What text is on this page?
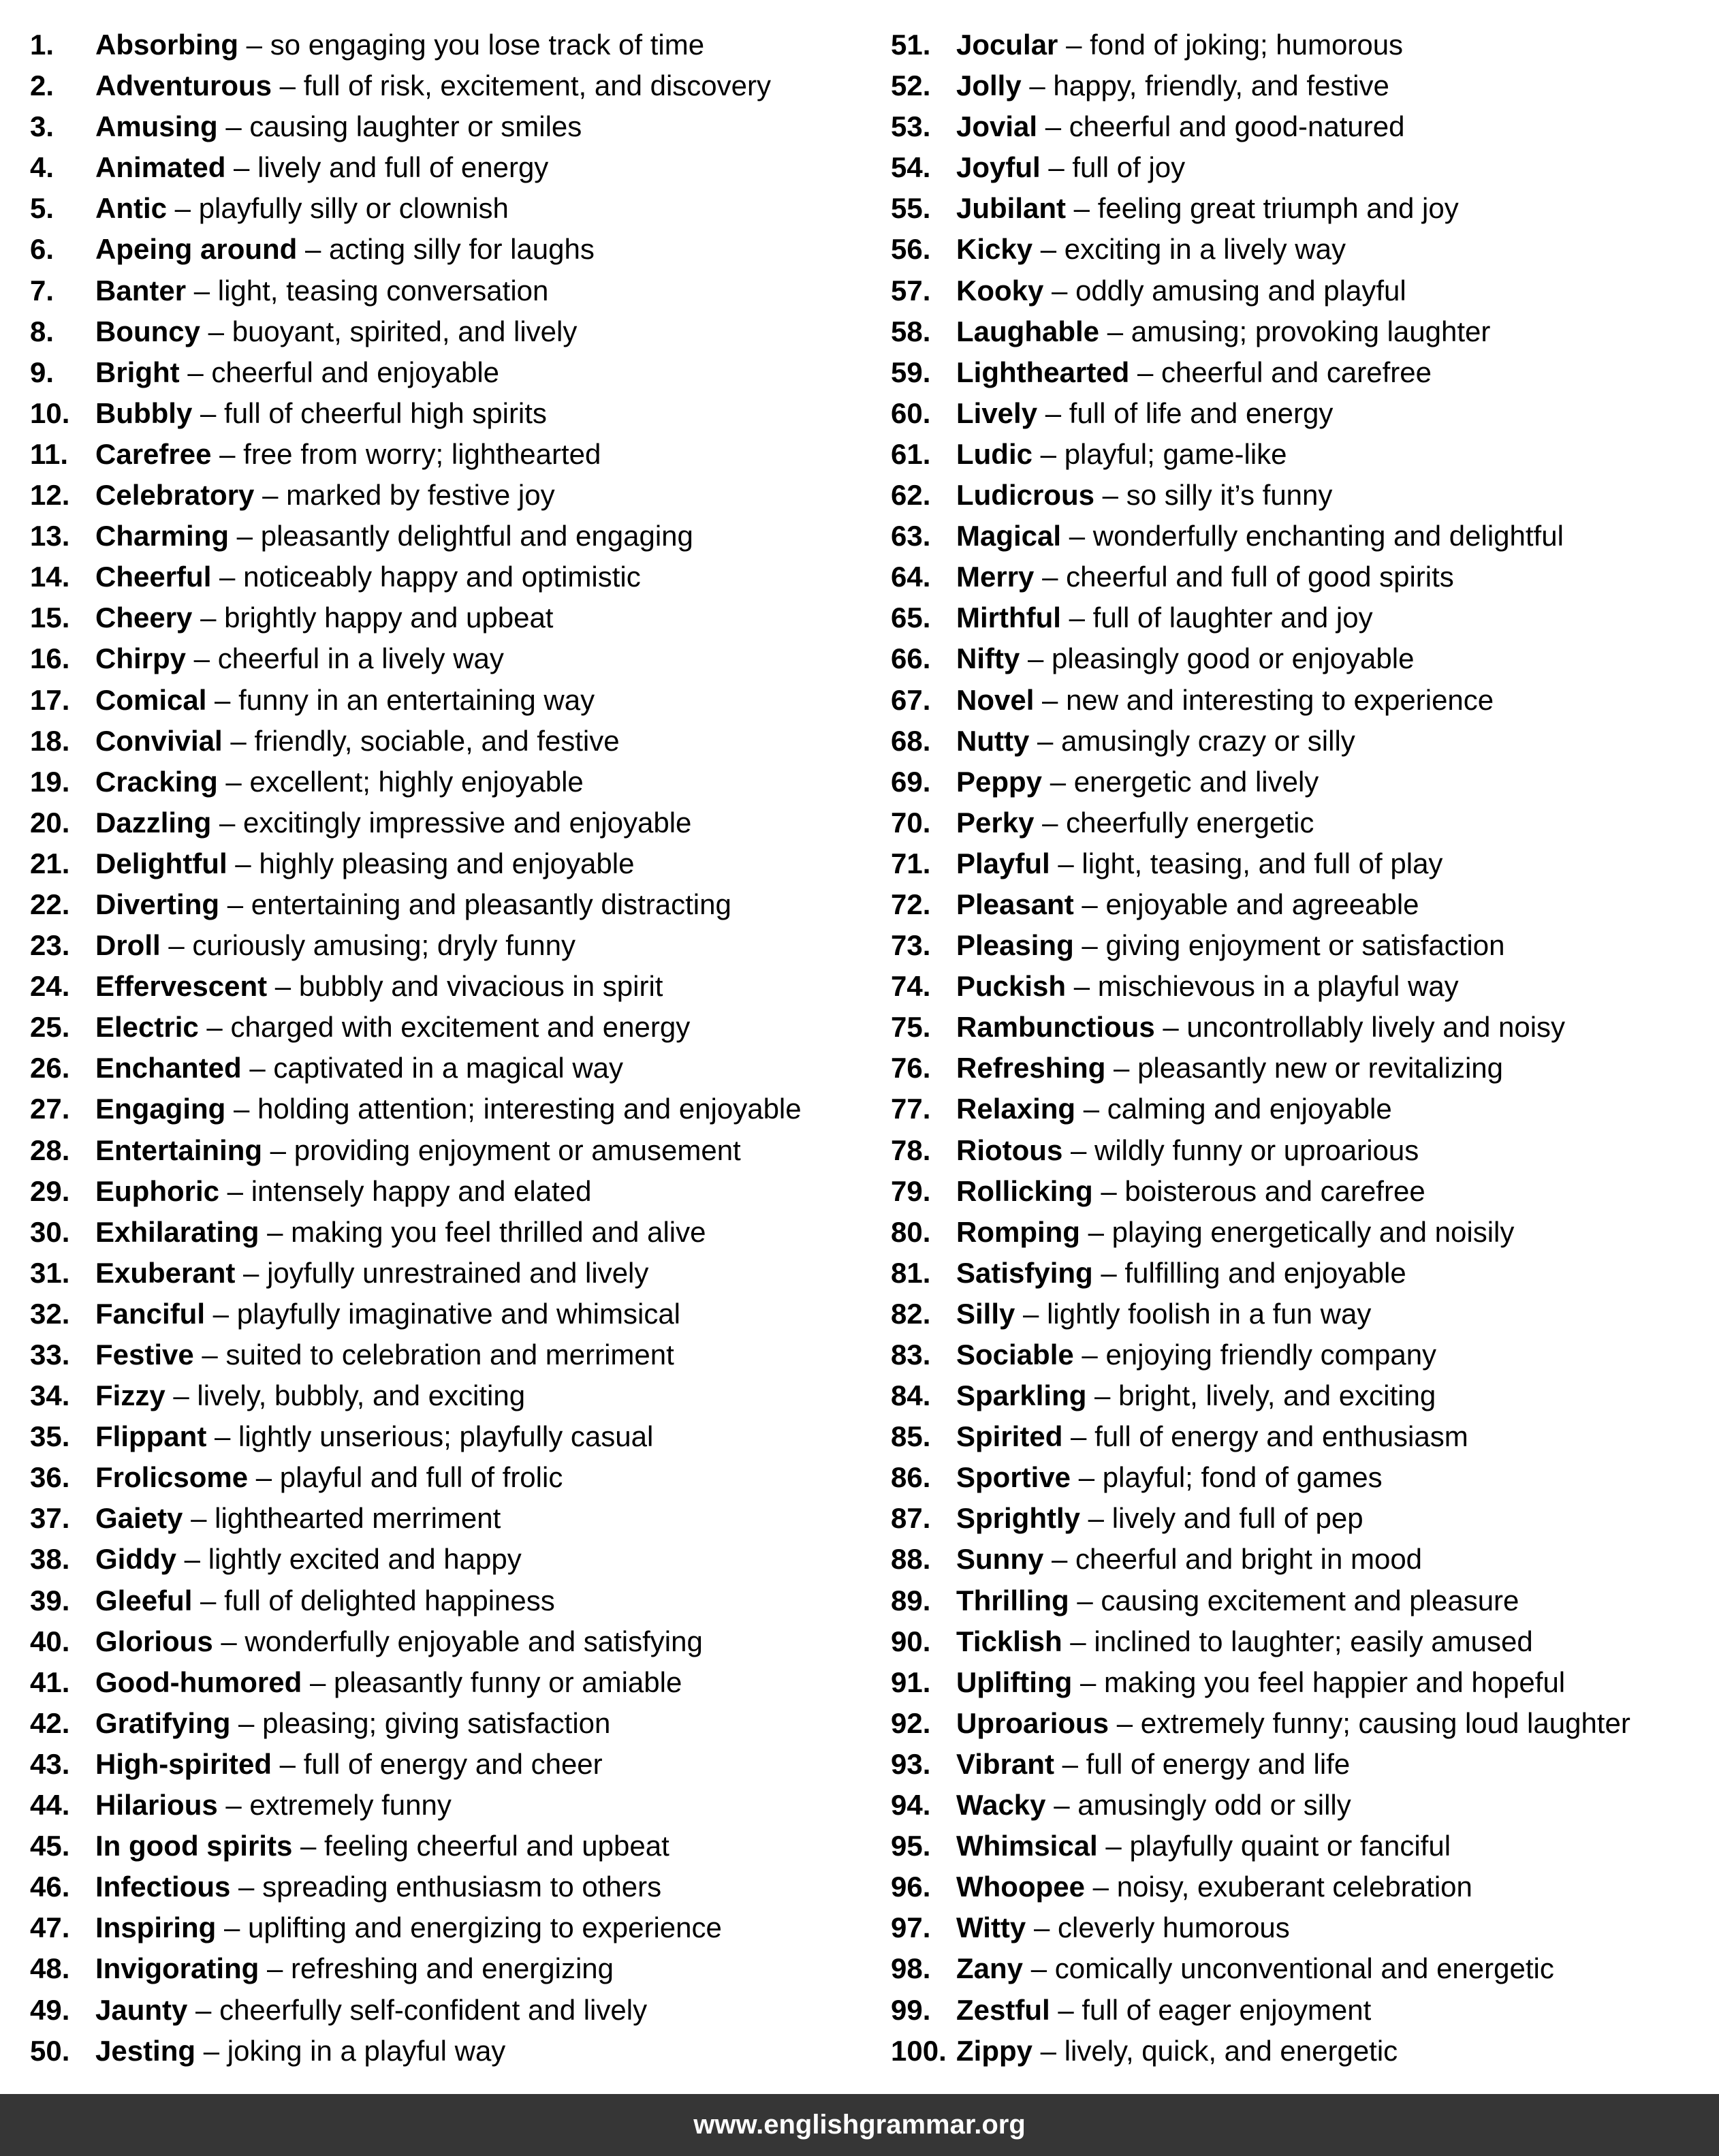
1. Absorbing – so engaging you lose track of time
2. Adventurous – full of risk, excitement, and discovery
3. Amusing – causing laughter or smiles
4. Animated – lively and full of energy
5. Antic – playfully silly or clownish
6. Apeing around – acting silly for laughs
7. Banter – light, teasing conversation
8. Bouncy – buoyant, spirited, and lively
9. Bright – cheerful and enjoyable
10. Bubbly – full of cheerful high spirits
11. Carefree – free from worry; lighthearted
12. Celebratory – marked by festive joy
13. Charming – pleasantly delightful and engaging
14. Cheerful – noticeably happy and optimistic
15. Cheery – brightly happy and upbeat
16. Chirpy – cheerful in a lively way
17. Comical – funny in an entertaining way
18. Convivial – friendly, sociable, and festive
19. Cracking – excellent; highly enjoyable
20. Dazzling – excitingly impressive and enjoyable
21. Delightful – highly pleasing and enjoyable
22. Diverting – entertaining and pleasantly distracting
23. Droll – curiously amusing; dryly funny
24. Effervescent – bubbly and vivacious in spirit
25. Electric – charged with excitement and energy
26. Enchanted – captivated in a magical way
27. Engaging – holding attention; interesting and enjoyable
28. Entertaining – providing enjoyment or amusement
29. Euphoric – intensely happy and elated
30. Exhilarating – making you feel thrilled and alive
31. Exuberant – joyfully unrestrained and lively
32. Fanciful – playfully imaginative and whimsical
33. Festive – suited to celebration and merriment
34. Fizzy – lively, bubbly, and exciting
35. Flippant – lightly unserious; playfully casual
36. Frolicsome – playful and full of frolic
37. Gaiety – lighthearted merriment
38. Giddy – lightly excited and happy
39. Gleeful – full of delighted happiness
40. Glorious – wonderfully enjoyable and satisfying
41. Good-humored – pleasantly funny or amiable
42. Gratifying – pleasing; giving satisfaction
43. High-spirited – full of energy and cheer
44. Hilarious – extremely funny
45. In good spirits – feeling cheerful and upbeat
46. Infectious – spreading enthusiasm to others
47. Inspiring – uplifting and energizing to experience
48. Invigorating – refreshing and energizing
49. Jaunty – cheerfully self-confident and lively
50. Jesting – joking in a playful way
51. Jocular – fond of joking; humorous
52. Jolly – happy, friendly, and festive
53. Jovial – cheerful and good-natured
54. Joyful – full of joy
55. Jubilant – feeling great triumph and joy
56. Kicky – exciting in a lively way
57. Kooky – oddly amusing and playful
58. Laughable – amusing; provoking laughter
59. Lighthearted – cheerful and carefree
60. Lively – full of life and energy
61. Ludic – playful; game-like
62. Ludicrous – so silly it’s funny
63. Magical – wonderfully enchanting and delightful
64. Merry – cheerful and full of good spirits
65. Mirthful – full of laughter and joy
66. Nifty – pleasingly good or enjoyable
67. Novel – new and interesting to experience
68. Nutty – amusingly crazy or silly
69. Peppy – energetic and lively
70. Perky – cheerfully energetic
71. Playful – light, teasing, and full of play
72. Pleasant – enjoyable and agreeable
73. Pleasing – giving enjoyment or satisfaction
74. Puckish – mischievous in a playful way
75. Rambunctious – uncontrollably lively and noisy
76. Refreshing – pleasantly new or revitalizing
77. Relaxing – calming and enjoyable
78. Riotous – wildly funny or uproarious
79. Rollicking – boisterous and carefree
80. Romping – playing energetically and noisily
81. Satisfying – fulfilling and enjoyable
82. Silly – lightly foolish in a fun way
83. Sociable – enjoying friendly company
84. Sparkling – bright, lively, and exciting
85. Spirited – full of energy and enthusiasm
86. Sportive – playful; fond of games
87. Sprightly – lively and full of pep
88. Sunny – cheerful and bright in mood
89. Thrilling – causing excitement and pleasure
90. Ticklish – inclined to laughter; easily amused
91. Uplifting – making you feel happier and hopeful
92. Uproarious – extremely funny; causing loud laughter
93. Vibrant – full of energy and life
94. Wacky – amusingly odd or silly
95. Whimsical – playfully quaint or fanciful
96. Whoopee – noisy, exuberant celebration
97. Witty – cleverly humorous
98. Zany – comically unconventional and energetic
99. Zestful – full of eager enjoyment
100. Zippy – lively, quick, and energetic
www.englishgrammar.org
